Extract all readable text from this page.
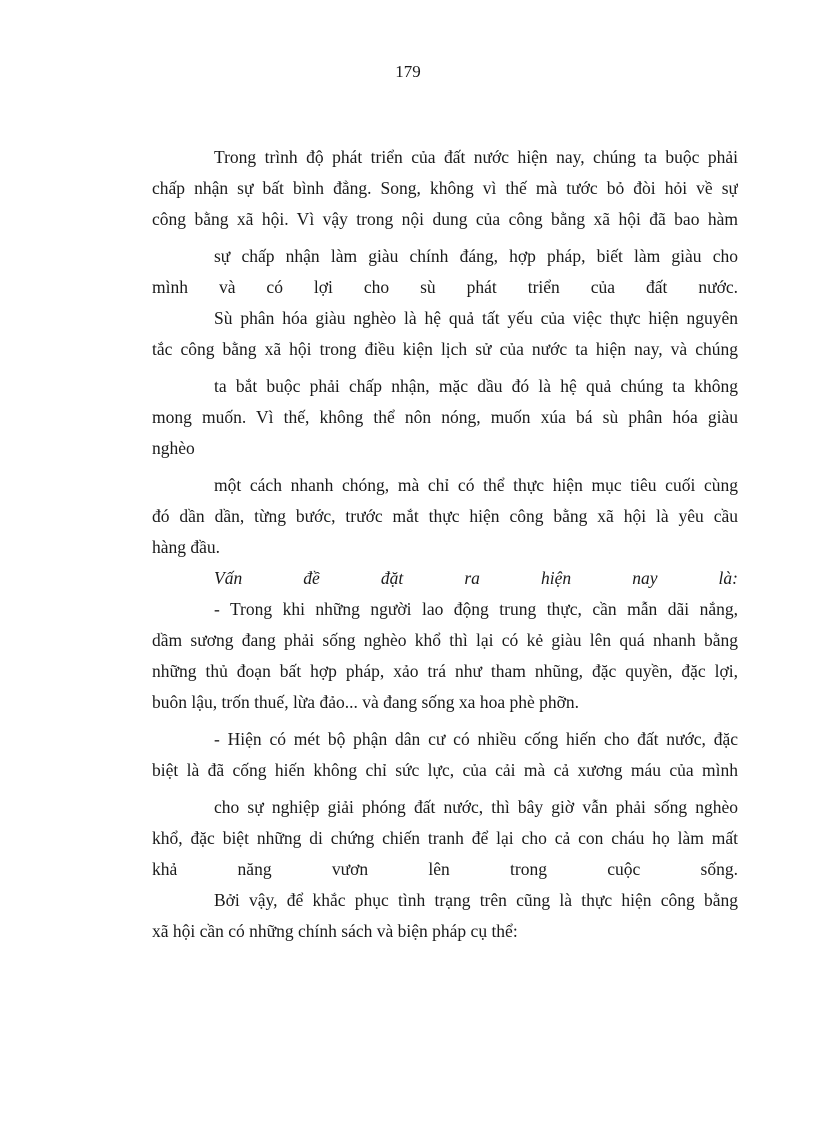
179
Trong trình độ phát triển của đất nước hiện nay, chúng ta buộc phải
chấp nhận sự bất bình đẳng. Song, không vì thế mà tước bỏ đòi hỏi về sự
công bằng xã hội. Vì vậy trong nội dung của công bằng xã hội đã bao hàm
sự chấp nhận làm giàu chính đáng, hợp pháp, biết làm giàu cho
mình và có lợi cho sù phát triển của đất nước.
Sù phân hóa giàu nghèo là hệ quả tất yếu của việc thực hiện nguyên
tắc công bằng xã hội trong điều kiện lịch sử của nước ta hiện nay, và chúng
ta bắt buộc phải chấp nhận, mặc dầu đó là hệ quả chúng ta không
mong muốn. Vì thế, không thể nôn nóng, muốn xúa bá sù phân hóa giàu
nghèo
một cách nhanh chóng, mà chỉ có thể thực hiện mục tiêu cuối cùng
đó dần dần, từng bước, trước mắt thực hiện công bằng xã hội là yêu cầu
hàng đầu.
Vấn đề đặt ra hiện nay là:
- Trong khi những người lao động trung thực, cần mẫn dãi nắng,
dầm sương đang phải sống nghèo khổ thì lại có kẻ giàu lên quá nhanh bằng
những thủ đoạn bất hợp pháp, xảo trá như tham nhũng, đặc quyền, đặc lợi,
buôn lậu, trốn thuế, lừa đảo... và đang sống xa hoa phè phỡn.
- Hiện có mét bộ phận dân cư có nhiều cống hiến cho đất nước, đặc
biệt là đã cống hiến không chỉ sức lực, của cải mà cả xương máu của mình
cho sự nghiệp giải phóng đất nước, thì bây giờ vẫn phải sống nghèo
khổ, đặc biệt những di chứng chiến tranh để lại cho cả con cháu họ làm mất
khả năng vươn lên trong cuộc sống.
Bởi vậy, để khắc phục tình trạng trên cũng là thực hiện công bằng
xã hội cần có những chính sách và biện pháp cụ thể:
